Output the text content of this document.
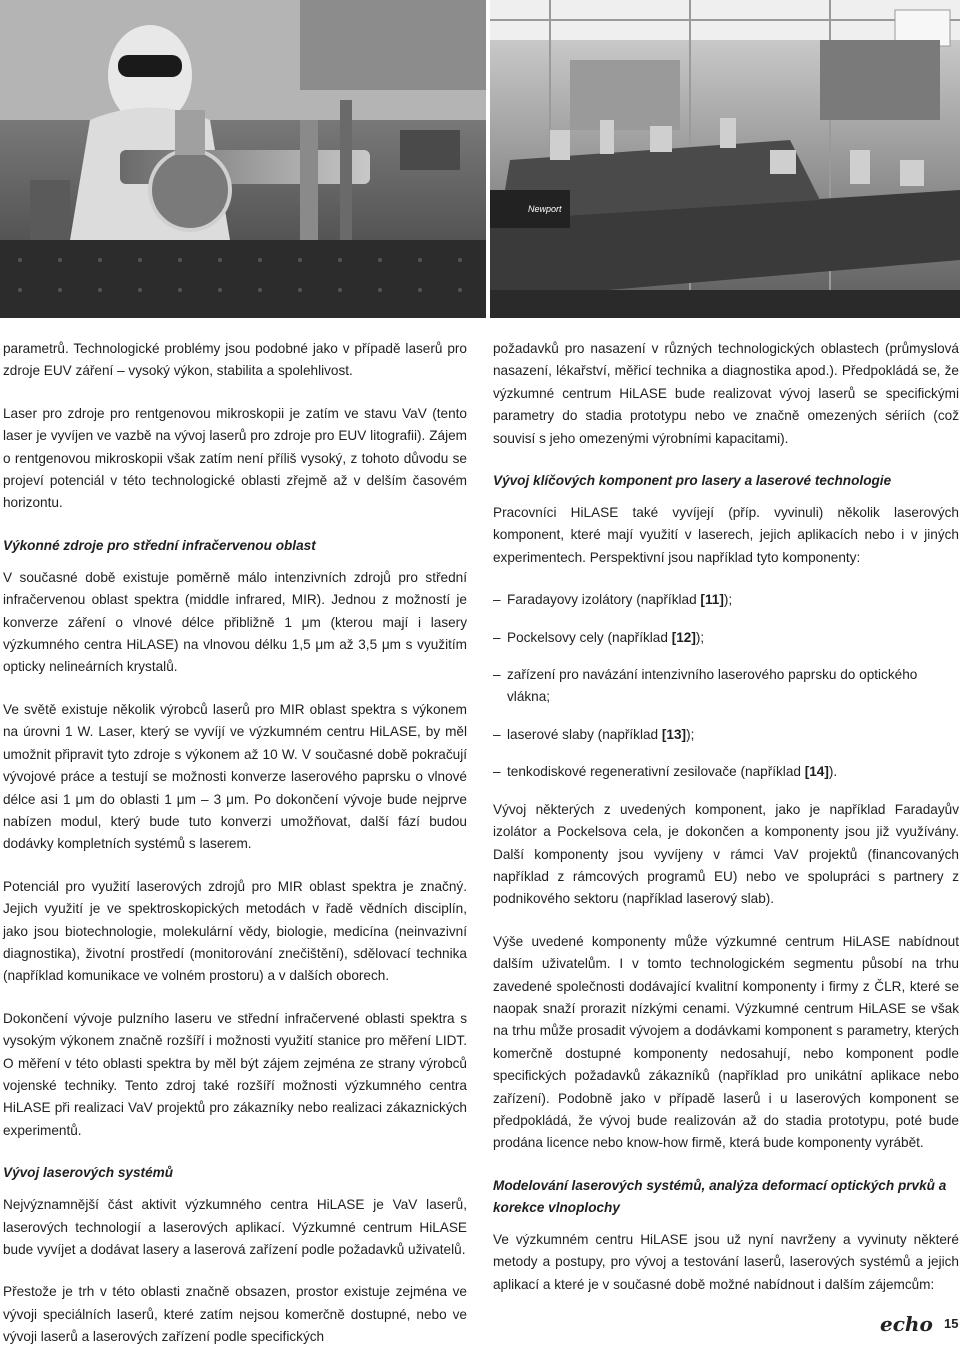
Newport

parametrů. Technologické problémy jsou podobné jako v případě laserů pro zdroje EUV záření – vysoký výkon, stabilita a spolehlivost.

Laser pro zdroje pro rentgenovou mikroskopii je zatím ve stavu VaV (tento laser je vyvíjen ve vazbě na vývoj laserů pro zdroje pro EUV litografii). Zájem o rentgenovou mikroskopii však zatím není příliš vysoký, z tohoto důvodu se projeví potenciál v této technologické oblasti zřejmě až v delším časovém horizontu.

Výkonné zdroje pro střední infračervenou oblast

V současné době existuje poměrně málo intenzivních zdrojů pro střední infračervenou oblast spektra (middle infrared, MIR). Jednou z možností je konverze záření o vlnové délce přibližně 1 μm (kterou mají i lasery výzkumného centra HiLASE) na vlnovou délku 1,5 μm až 3,5 μm s využitím opticky nelineárních krystalů.

Ve světě existuje několik výrobců laserů pro MIR oblast spektra s výkonem na úrovni 1 W. Laser, který se vyvíjí ve výzkumném centru HiLASE, by měl umožnit připravit tyto zdroje s výkonem až 10 W. V současné době pokračují vývojové práce a testují se možnosti konverze laserového paprsku o vlnové délce asi 1 μm do oblasti 1 μm – 3 μm. Po dokončení vývoje bude nejprve nabízen modul, který bude tuto konverzi umožňovat, další fází budou dodávky kompletních systémů s laserem.

Potenciál pro využití laserových zdrojů pro MIR oblast spektra je značný. Jejich využití je ve spektroskopických metodách v řadě vědních disciplín, jako jsou biotechnologie, molekulární vědy, biologie, medicína (neinvazivní diagnostika), životní prostředí (monitorování znečištění), sdělovací technika (například komunikace ve volném prostoru) a v dalších oborech.

Dokončení vývoje pulzního laseru ve střední infračervené oblasti spektra s vysokým výkonem značně rozšíří i možnosti využití stanice pro měření LIDT. O měření v této oblasti spektra by měl být zájem zejména ze strany výrobců vojenské techniky. Tento zdroj také rozšíří možnosti výzkumného centra HiLASE při realizaci VaV projektů pro zákazníky nebo realizaci zákaznických experimentů.

Vývoj laserových systémů

Nejvýznamnější část aktivit výzkumného centra HiLASE je VaV laserů, laserových technologií a laserových aplikací. Výzkumné centrum HiLASE bude vyvíjet a dodávat lasery a laserová zařízení podle požadavků uživatelů.

Přestože je trh v této oblasti značně obsazen, prostor existuje zejména ve vývoji speciálních laserů, které zatím nejsou komerčně dostupné, nebo ve vývoji laserů a laserových zařízení podle specifických

požadavků pro nasazení v různých technologických oblastech (průmyslová nasazení, lékařství, měřicí technika a diagnostika apod.). Předpokládá se, že výzkumné centrum HiLASE bude realizovat vývoj laserů se specifickými parametry do stadia prototypu nebo ve značně omezených sériích (což souvisí s jeho omezenými výrobními kapacitami).

Vývoj klíčových komponent pro lasery a laserové technologie

Pracovníci HiLASE také vyvíjejí (příp. vyvinuli) několik laserových komponent, které mají využití v laserech, jejich aplikacích nebo i v jiných experimentech. Perspektivní jsou například tyto komponenty:

– Faradayovy izolátory (například [11]);
– Pockelsovy cely (například [12]);
– zařízení pro navázání intenzivního laserového paprsku do optického vlákna;
– laserové slaby (například [13]);
– tenkodiskové regenerativní zesilovače (například [14]).

Vývoj některých z uvedených komponent, jako je například Faradayův izolátor a Pockelsova cela, je dokončen a komponenty jsou již využívány. Další komponenty jsou vyvíjeny v rámci VaV projektů (financovaných například z rámcových programů EU) nebo ve spolupráci s partnery z podnikového sektoru (například laserový slab).

Výše uvedené komponenty může výzkumné centrum HiLASE nabídnout dalším uživatelům. I v tomto technologickém segmentu působí na trhu zavedené společnosti dodávající kvalitní komponenty i firmy z ČLR, které se naopak snaží prorazit nízkými cenami. Výzkumné centrum HiLASE se však na trhu může prosadit vývojem a dodávkami komponent s parametry, kterých komerčně dostupné komponenty nedosahují, nebo komponent podle specifických požadavků zákazníků (například pro unikátní aplikace nebo zařízení). Podobně jako v případě laserů i u laserových komponent se předpokládá, že vývoj bude realizován až do stadia prototypu, poté bude prodána licence nebo know-how firmě, která bude komponenty vyrábět.

Modelování laserových systémů, analýza deformací optických prvků a korekce vlnoplochy

Ve výzkumném centru HiLASE jsou už nyní navrženy a vyvinuty některé metody a postupy, pro vývoj a testování laserů, laserových systémů a jejich aplikací a které je v současné době možné nabídnout i dalším zájemcům:

echo 15
